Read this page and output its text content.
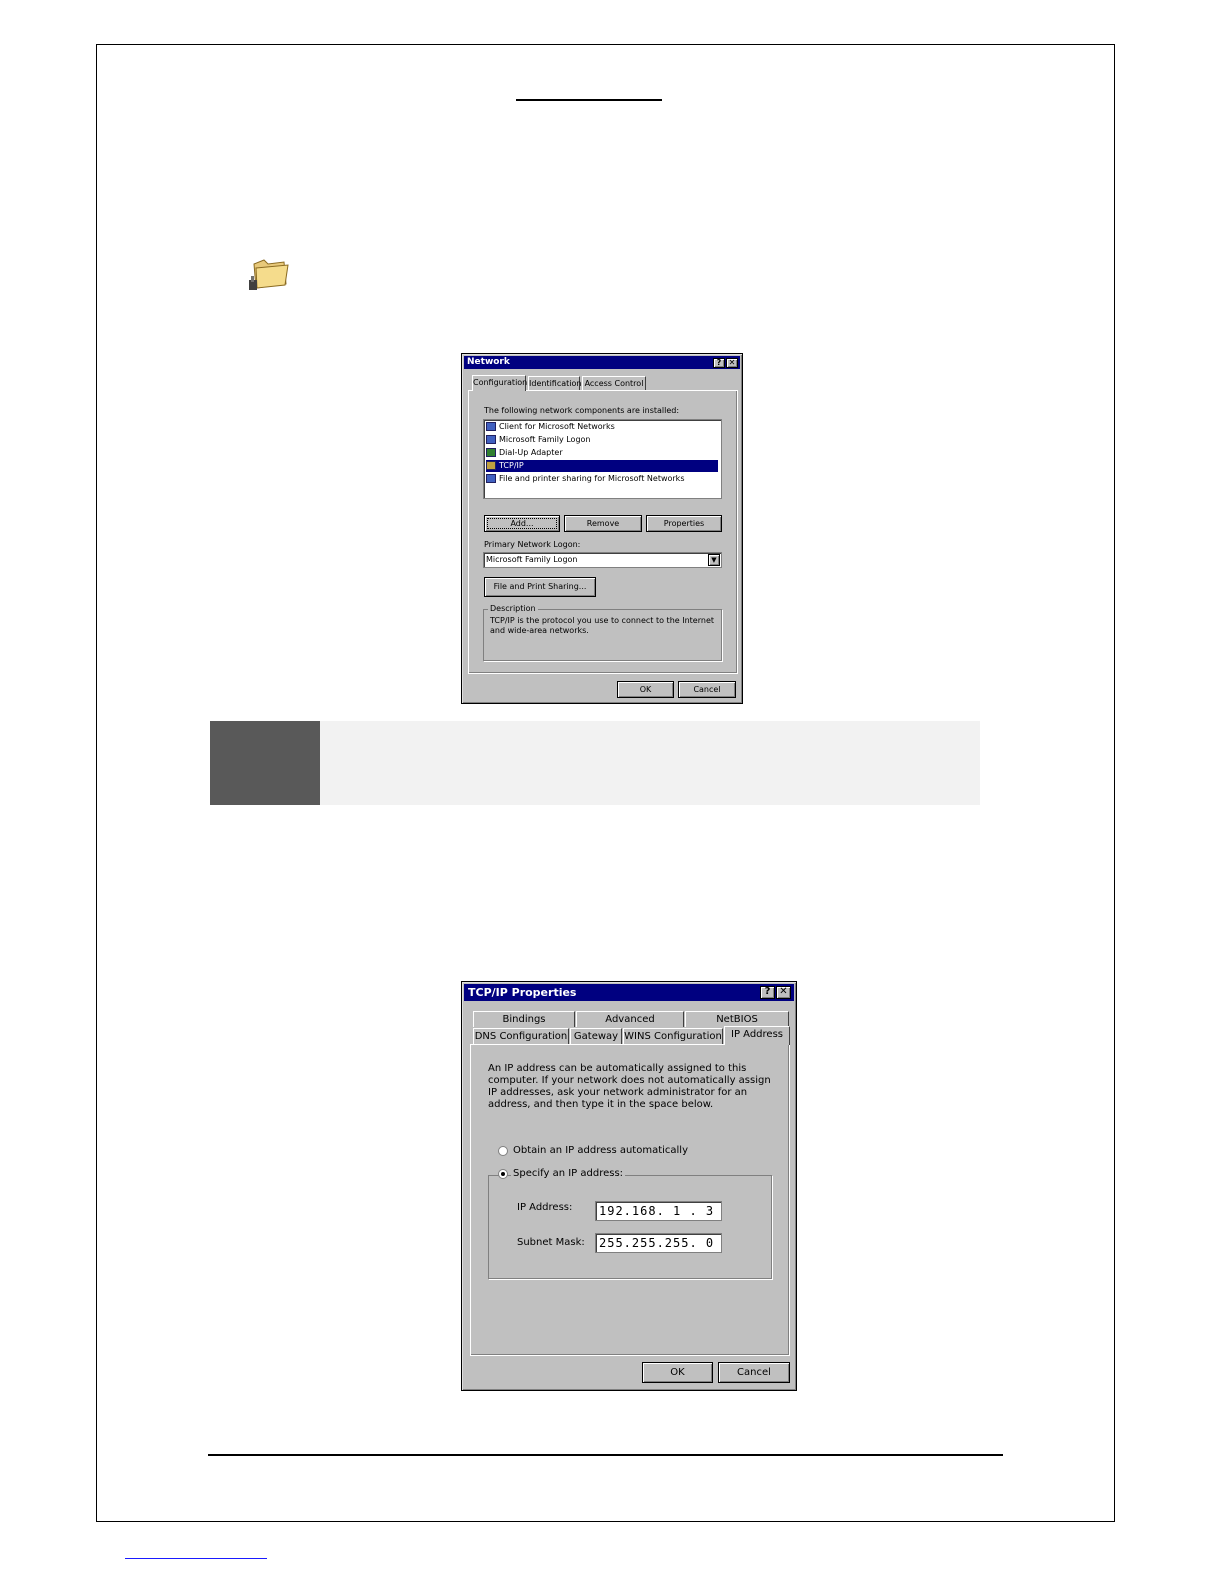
Network	? ✕
Configuration Identification Access Control
The following network components are installed:
Client for Microsoft Networks
Microsoft Family Logon
Dial-Up Adapter
TCP/IP
File and printer sharing for Microsoft Networks
Add...	Remove	Properties
Primary Network Logon:
Microsoft Family Logon	▼
File and Print Sharing...
Description
TCP/IP is the protocol you use to connect to the Internet and wide-area networks.
OK	Cancel
TCP/IP Properties	? ✕
Bindings	Advanced	NetBIOS
DNS Configuration Gateway WINS Configuration IP Address
An IP address can be automatically assigned to this computer. If your network does not automatically assign IP addresses, ask your network administrator for an address, and then type it in the space below.
Obtain an IP address automatically
Specify an IP address:
IP Address:	192.168. 1 . 3
Subnet Mask:	255.255.255. 0
OK	Cancel
